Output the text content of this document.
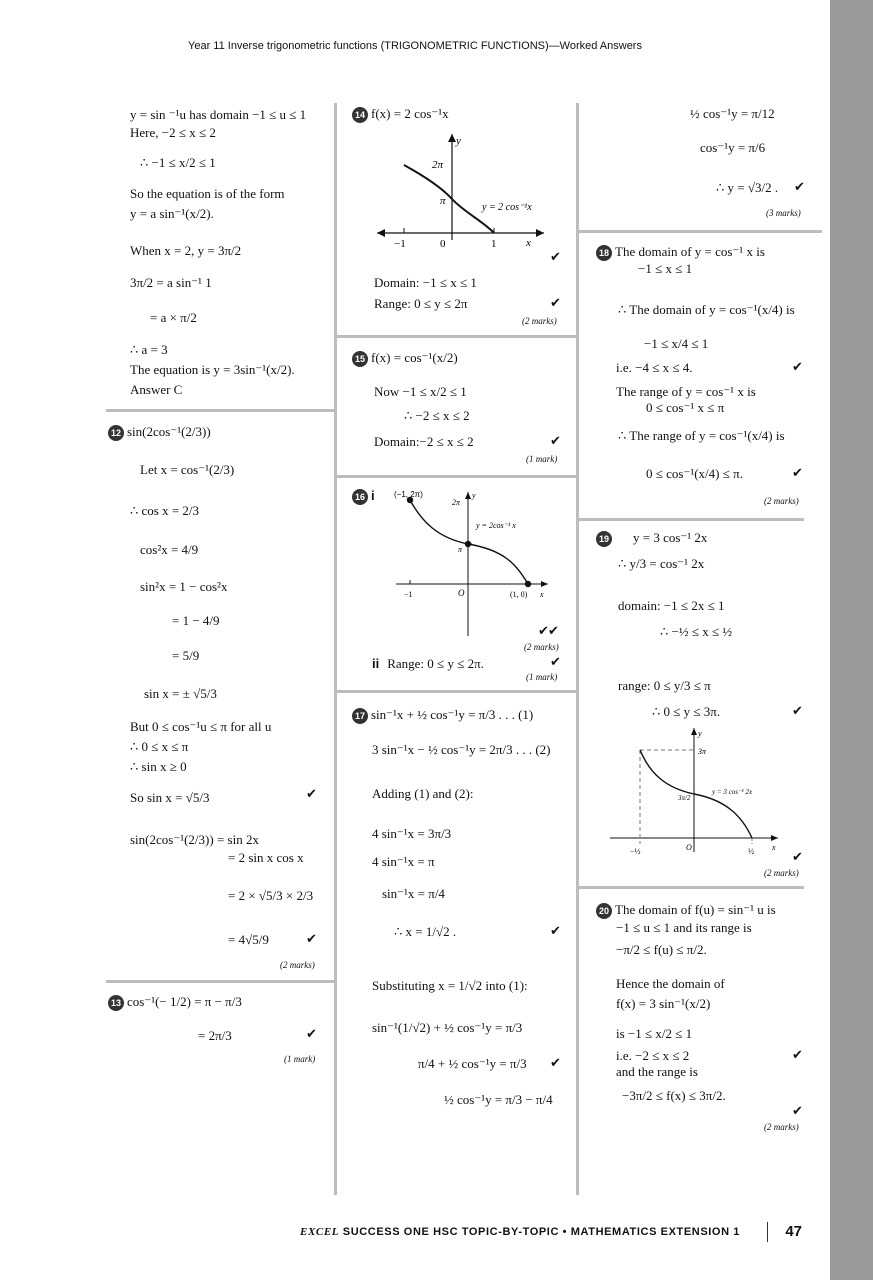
Year 11 Inverse trigonometric functions (TRIGONOMETRIC FUNCTIONS)—Worked Answers
y = sin ⁻¹u has domain −1 ≤ u ≤ 1
Here, −2 ≤ x ≤ 2
∴ −1 ≤ x/2 ≤ 1
So the equation is of the form
y = a sin⁻¹(x/2).
When x = 2, y = 3π/2
3π/2 = a sin⁻¹ 1
= a × π/2
∴ a = 3
The equation is y = 3sin⁻¹(x/2).
Answer C
12 sin(2cos⁻¹(2/3))
Let x = cos⁻¹(2/3)
∴ cos x = 2/3
cos²x = 4/9
sin²x = 1 − cos²x
= 1 − 4/9
= 5/9
sin x = ± √5/3
But 0 ≤ cos⁻¹u ≤ π for all u
∴ 0 ≤ x ≤ π
∴ sin x ≥ 0
So sin x = √5/3	✔
sin(2cos⁻¹(2/3)) = sin 2x
= 2 sin x cos x
= 2 × √5/3 × 2/3
= 4√5/9	✔
(2 marks)
13 cos⁻¹(− 1/2) = π − π/3
= 2π/3	✔
(1 mark)
14 f(x) = 2 cos⁻¹x
−1	0	1
2π
π
x
y
y = 2 cos⁻¹x
✔
Domain: −1 ≤ x ≤ 1
Range: 0 ≤ y ≤ 2π	✔
(2 marks)
15 f(x) = cos⁻¹(x/2)
Now −1 ≤ x/2 ≤ 1
∴ −2 ≤ x ≤ 2
Domain:−2 ≤ x ≤ 2	✔
(1 mark)
16 i (−1, 2π)
(1, 0)
−1	O
2π
π
x
y
y = 2cos⁻¹ x
✔ ✔
(2 marks)
ii Range: 0 ≤ y ≤ 2π.	✔
(1 mark)
17 sin⁻¹x + ½ cos⁻¹y = π/3 . . . (1)
3 sin⁻¹x − ½ cos⁻¹y = 2π/3 . . . (2)
Adding (1) and (2):
4 sin⁻¹x = 3π/3
4 sin⁻¹x = π
sin⁻¹x = π/4
∴ x = 1/√2 .	✔
Substituting x = 1/√2 into (1):
sin⁻¹(1/√2) + ½ cos⁻¹y = π/3
π/4 + ½ cos⁻¹y = π/3 ✔
½ cos⁻¹y = π/3 − π/4
½ cos⁻¹y = π/12
cos⁻¹y = π/6
∴ y = √3/2 . ✔
(3 marks)
18 The domain of y = cos⁻¹ x is
−1 ≤ x ≤ 1
∴ The domain of y = cos⁻¹(x/4) is
−1 ≤ x/4 ≤ 1
i.e. −4 ≤ x ≤ 4.	✔
The range of y = cos⁻¹ x is
0 ≤ cos⁻¹ x ≤ π
∴ The range of y = cos⁻¹(x/4) is
0 ≤ cos⁻¹(x/4) ≤ π.	✔
(2 marks)
19 y = 3 cos⁻¹ 2x
∴ y/3 = cos⁻¹ 2x
domain: −1 ≤ 2x ≤ 1
∴ −½ ≤ x ≤ ½
range: 0 ≤ y/3 ≤ π
∴ 0 ≤ y ≤ 3π.	✔
3π
3π/2
−½	O	½ x
y
y = 3 cos⁻¹ 2x
✔
(2 marks)
20 The domain of f(u) = sin⁻¹ u is
−1 ≤ u ≤ 1 and its range is
−π/2 ≤ f(u) ≤ π/2.
Hence the domain of
f(x) = 3 sin⁻¹(x/2)
is −1 ≤ x/2 ≤ 1
i.e. −2 ≤ x ≤ 2	✔
and the range is
−3π/2 ≤ f(x) ≤ 3π/2.
✔
(2 marks)
EXCEL SUCCESS ONE HSC TOPIC-BY-TOPIC • MATHEMATICS EXTENSION 1	47
